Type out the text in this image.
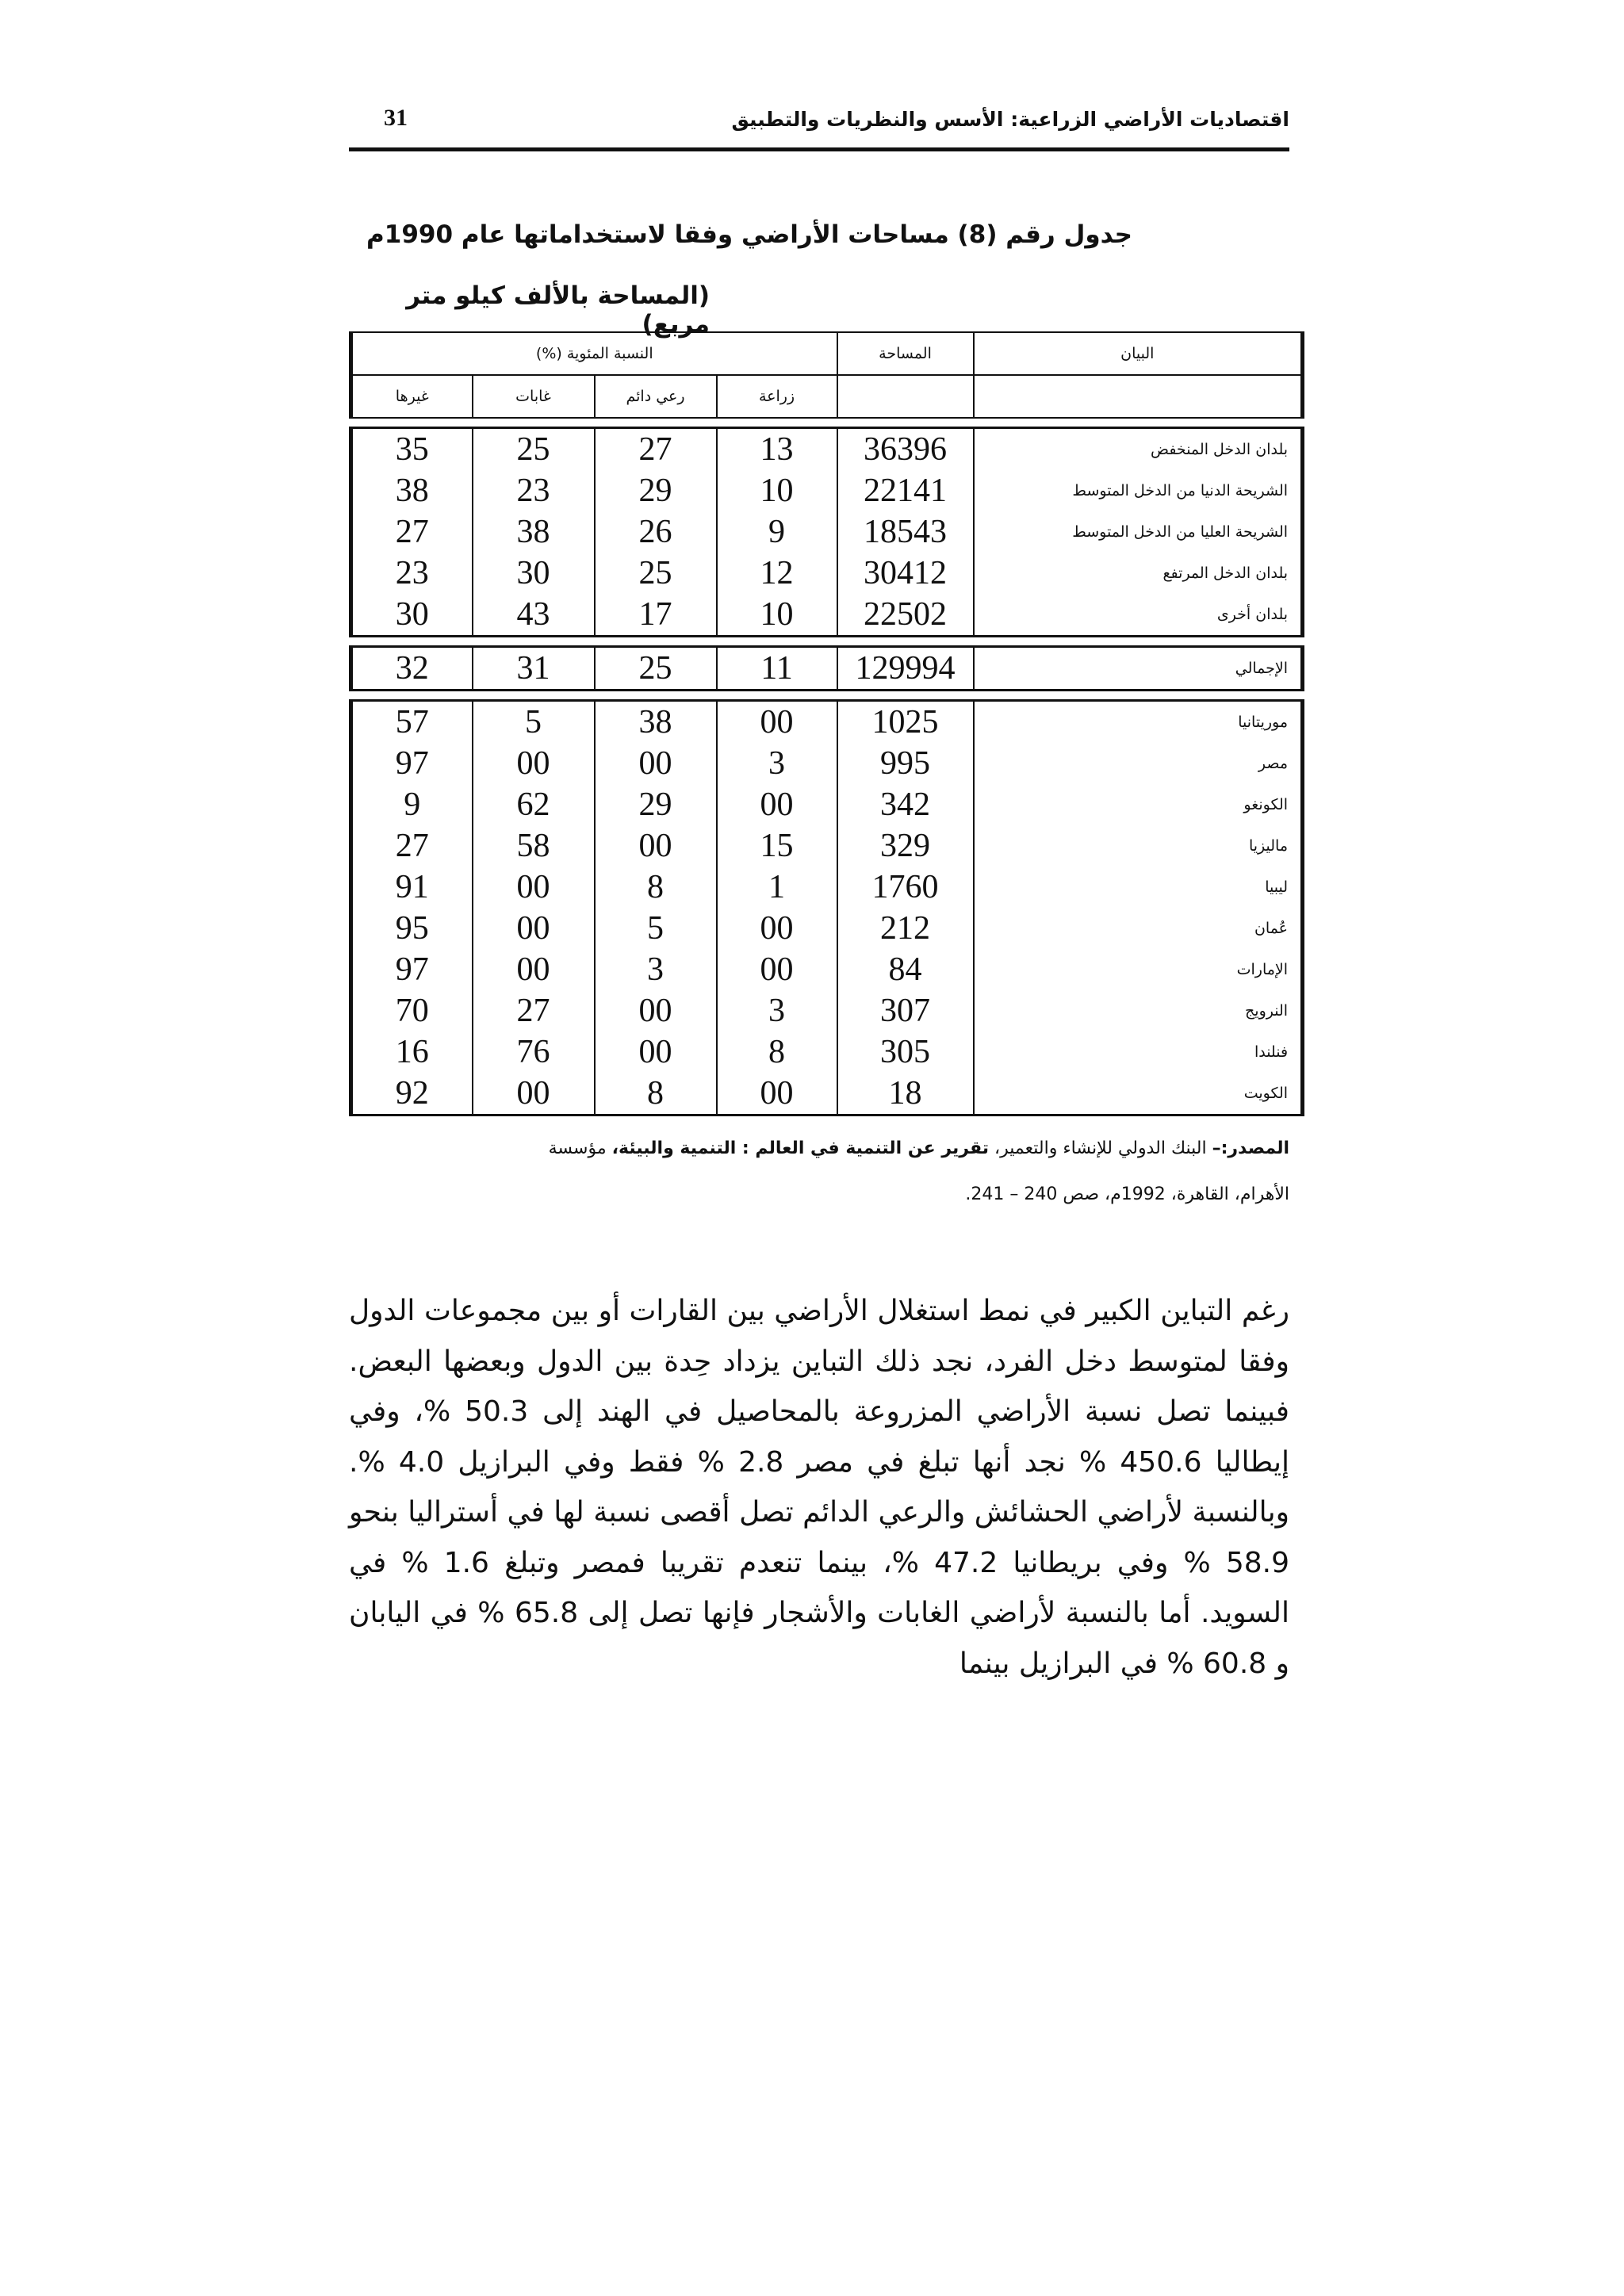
اقتصاديات الأراضي الزراعية: الأسس والنظريات والتطبيق
31
جدول رقم (8) مساحات الأراضي وفقا لاستخداماتها عام 1990م
(المساحة بالألف كيلو متر مربع)
البيان	المساحة	النسبة المئوية (%)			
		زراعة	رعي دائم	غابات	غيرها

بلدان الدخل المنخفض	36396	13	27	25	35
الشريحة الدنيا من الدخل المتوسط	22141	10	29	23	38
الشريحة العليا من الدخل المتوسط	18543	9	26	38	27
بلدان الدخل المرتفع	30412	12	25	30	23
بلدان أخرى	22502	10	17	43	30

الإجمالي	129994	11	25	31	32

موريتانيا	1025	00	38	5	57
مصر	995	3	00	00	97
الكونغو	342	00	29	62	9
ماليزيا	329	15	00	58	27
ليبيا	1760	1	8	00	91
عُمان	212	00	5	00	95
الإمارات	84	00	3	00	97
النرويج	307	3	00	27	70
فنلندا	305	8	00	76	16
الكويت	18	00	8	00	92
المصدر:– البنك الدولي للإنشاء والتعمير، تقرير عن التنمية في العالم : التنمية والبيئة، مؤسسة
الأهرام، القاهرة، 1992م، صص 240 – 241.
رغم التباين الكبير في نمط استغلال الأراضي بين القارات أو بين مجموعات الدول وفقا لمتوسط دخل الفرد، نجد ذلك التباين يزداد حِدة بين الدول وبعضها البعض. فبينما تصل نسبة الأراضي المزروعة بالمحاصيل في الهند إلى 50.3 %، وفي إيطاليا 450.6 % نجد أنها تبلغ في مصر 2.8 % فقط وفي البرازيل 4.0 %. وبالنسبة لأراضي الحشائش والرعي الدائم تصل أقصى نسبة لها في أستراليا بنحو 58.9 % وفي بريطانيا 47.2 %، بينما تنعدم تقريبا فمصر وتبلغ 1.6 % في السويد. أما بالنسبة لأراضي الغابات والأشجار فإنها تصل إلى 65.8 % في اليابان و 60.8 % في البرازيل بينما
